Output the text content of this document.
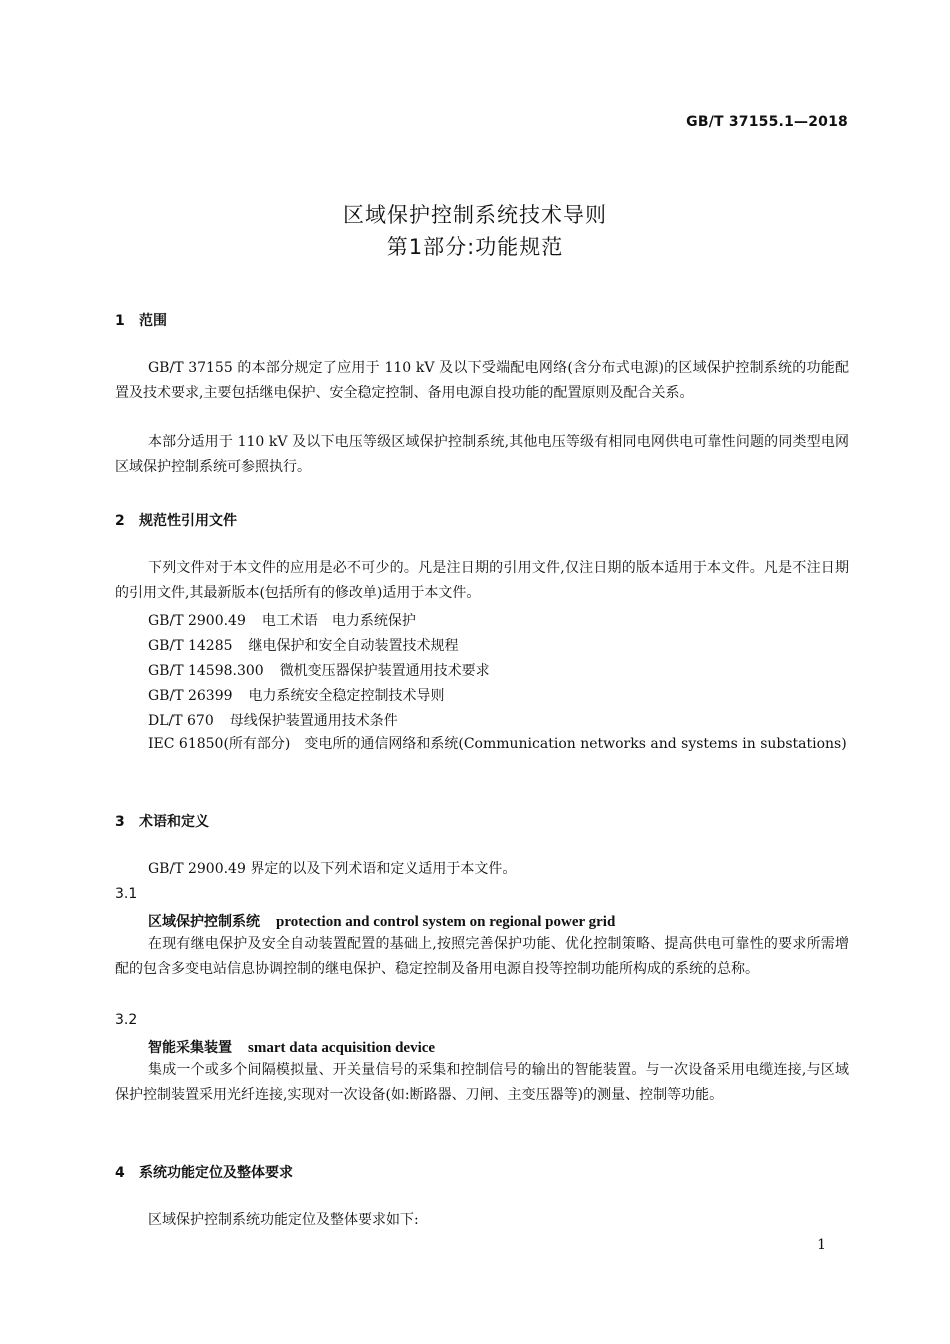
GB/T 37155.1—2018
区域保护控制系统技术导则
第1部分:功能规范
1 范围

GB/T 37155 的本部分规定了应用于 110 kV 及以下受端配电网络(含分布式电源)的区域保护控制系统的功能配置及技术要求,主要包括继电保护、安全稳定控制、备用电源自投功能的配置原则及配合关系。

本部分适用于 110 kV 及以下电压等级区域保护控制系统,其他电压等级有相同电网供电可靠性问题的同类型电网区域保护控制系统可参照执行。

2 规范性引用文件

下列文件对于本文件的应用是必不可少的。凡是注日期的引用文件,仅注日期的版本适用于本文件。凡是不注日期的引用文件,其最新版本(包括所有的修改单)适用于本文件。

GB/T 2900.49 电工术语　电力系统保护
GB/T 14285 继电保护和安全自动装置技术规程
GB/T 14598.300 微机变压器保护装置通用技术要求
GB/T 26399 电力系统安全稳定控制技术导则
DL/T 670 母线保护装置通用技术条件

IEC 61850(所有部分)　变电所的通信网络和系统(Communication networks and systems in substations)

3 术语和定义

GB/T 2900.49 界定的以及下列术语和定义适用于本文件。

3.1
区域保护控制系统 protection and control system on regional power grid

在现有继电保护及安全自动装置配置的基础上,按照完善保护功能、优化控制策略、提高供电可靠性的要求所需增配的包含多变电站信息协调控制的继电保护、稳定控制及备用电源自投等控制功能所构成的系统的总称。

3.2
智能采集装置 smart data acquisition device

集成一个或多个间隔模拟量、开关量信号的采集和控制信号的输出的智能装置。与一次设备采用电缆连接,与区域保护控制装置采用光纤连接,实现对一次设备(如:断路器、刀闸、主变压器等)的测量、控制等功能。

4 系统功能定位及整体要求

区域保护控制系统功能定位及整体要求如下:

1
